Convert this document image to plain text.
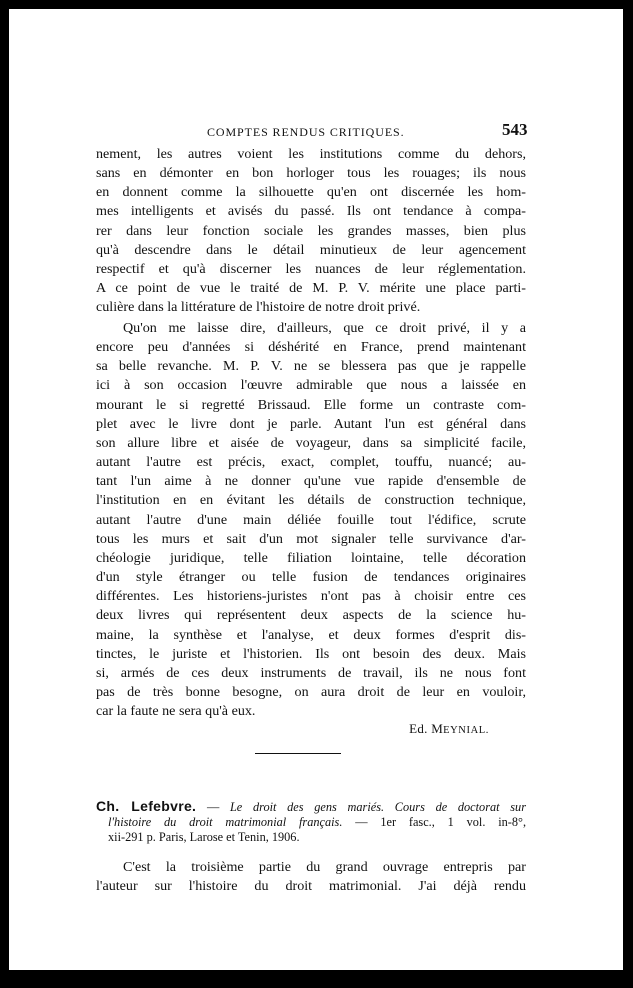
COMPTES RENDUS CRITIQUES.	543
nement, les autres voient les institutions comme du dehors,
sans en démonter en bon horloger tous les rouages; ils nous
en donnent comme la silhouette qu'en ont discernée les hom-
mes intelligents et avisés du passé. Ils ont tendance à compa-
rer dans leur fonction sociale les grandes masses, bien plus
qu'à descendre dans le détail minutieux de leur agencement
respectif et qu'à discerner les nuances de leur réglementation.
A ce point de vue le traité de M. P. V. mérite une place parti-
culière dans la littérature de l'histoire de notre droit privé.
Qu'on me laisse dire, d'ailleurs, que ce droit privé, il y a
encore peu d'années si déshérité en France, prend maintenant
sa belle revanche. M. P. V. ne se blessera pas que je rappelle
ici à son occasion l'œuvre admirable que nous a laissée en
mourant le si regretté Brissaud. Elle forme un contraste com-
plet avec le livre dont je parle. Autant l'un est général dans
son allure libre et aisée de voyageur, dans sa simplicité facile,
autant l'autre est précis, exact, complet, touffu, nuancé; au-
tant l'un aime à ne donner qu'une vue rapide d'ensemble de
l'institution en en évitant les détails de construction technique,
autant l'autre d'une main déliée fouille tout l'édifice, scrute
tous les murs et sait d'un mot signaler telle survivance d'ar-
chéologie juridique, telle filiation lointaine, telle décoration
d'un style étranger ou telle fusion de tendances originaires
différentes. Les historiens-juristes n'ont pas à choisir entre ces
deux livres qui représentent deux aspects de la science hu-
maine, la synthèse et l'analyse, et deux formes d'esprit dis-
tinctes, le juriste et l'historien. Ils ont besoin des deux. Mais
si, armés de ces deux instruments de travail, ils ne nous font
pas de très bonne besogne, on aura droit de leur en vouloir,
car la faute ne sera qu'à eux.
Ed. MEYNIAL.
Ch. Lefebvre. — Le droit des gens mariés. Cours de doctorat sur
l'histoire du droit matrimonial français. — 1er fasc., 1 vol. in-8°,
xii-291 p. Paris, Larose et Tenin, 1906.
C'est la troisième partie du grand ouvrage entrepris par
l'auteur sur l'histoire du droit matrimonial. J'ai déjà rendu
